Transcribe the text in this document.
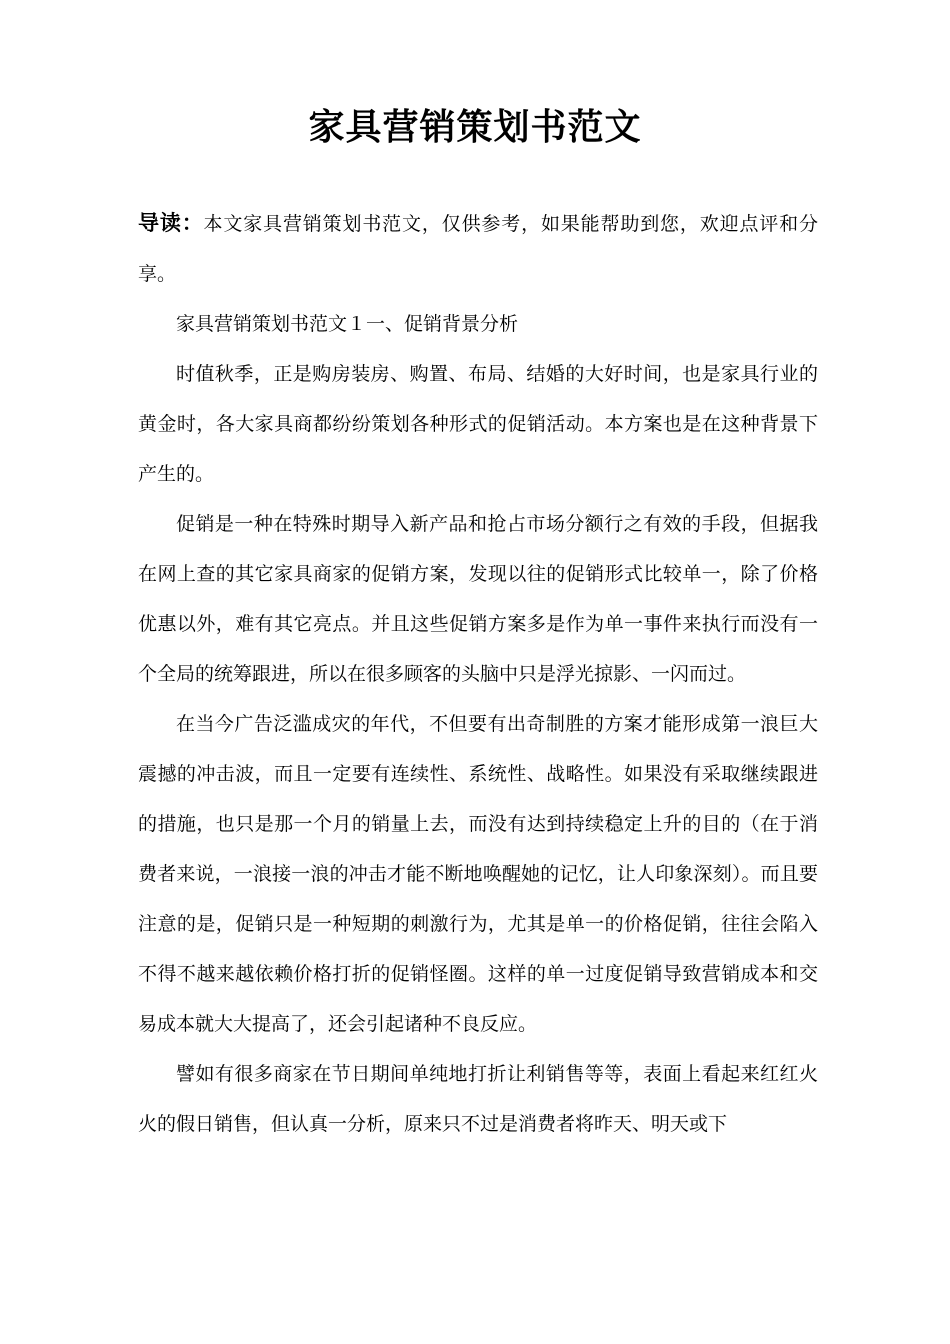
家具营销策划书范文

导读：本文家具营销策划书范文，仅供参考，如果能帮助到您，欢迎点评和分享。

家具营销策划书范文１一、促销背景分析

时值秋季，正是购房装房、购置、布局、结婚的大好时间，也是家具行业的黄金时，各大家具商都纷纷策划各种形式的促销活动。本方案也是在这种背景下产生的。

促销是一种在特殊时期导入新产品和抢占市场分额行之有效的手段，但据我在网上查的其它家具商家的促销方案，发现以往的促销形式比较单一，除了价格优惠以外，难有其它亮点。并且这些促销方案多是作为单一事件来执行而没有一个全局的统筹跟进，所以在很多顾客的头脑中只是浮光掠影、一闪而过。

在当今广告泛滥成灾的年代，不但要有出奇制胜的方案才能形成第一浪巨大震撼的冲击波，而且一定要有连续性、系统性、战略性。如果没有采取继续跟进的措施，也只是那一个月的销量上去，而没有达到持续稳定上升的目的（在于消费者来说，一浪接一浪的冲击才能不断地唤醒她的记忆，让人印象深刻）。而且要注意的是，促销只是一种短期的刺激行为，尤其是单一的价格促销，往往会陷入不得不越来越依赖价格打折的促销怪圈。这样的单一过度促销导致营销成本和交易成本就大大提高了，还会引起诸种不良反应。

譬如有很多商家在节日期间单纯地打折让利销售等等，表面上看起来红红火火的假日销售，但认真一分析，原来只不过是消费者将昨天、明天或下
